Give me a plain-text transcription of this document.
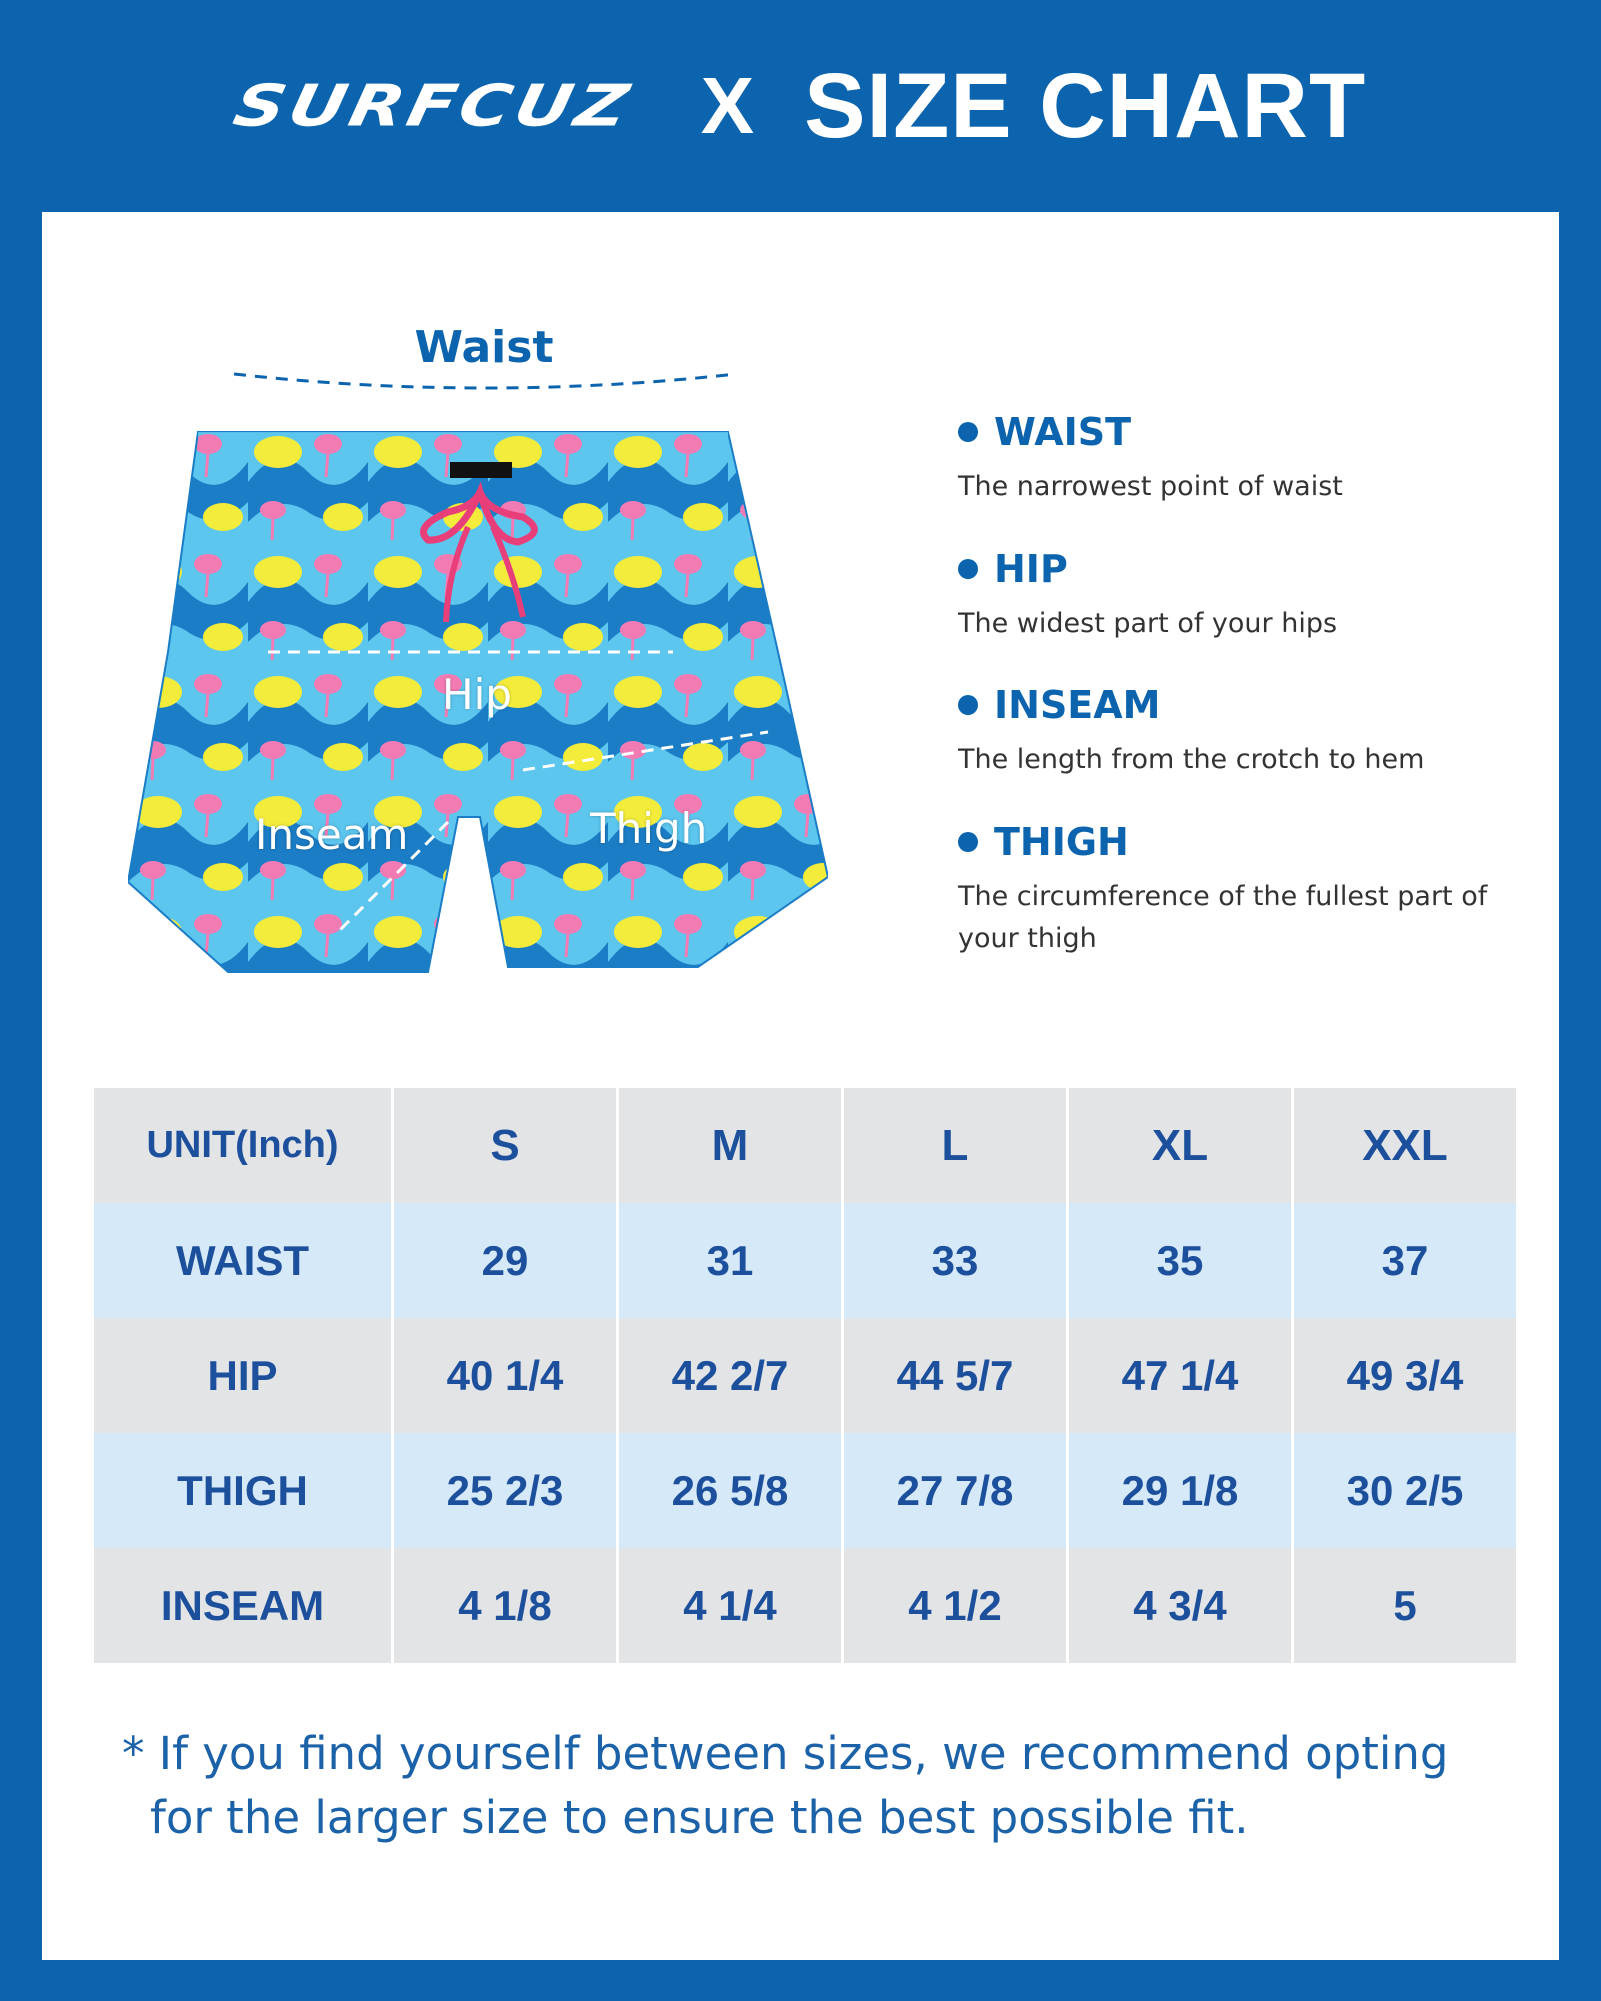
SURFCUZ X SIZE CHART
Waist
Hip
Inseam	Thigh
WAIST
The narrowest point of waist
HIP
The widest part of your hips
INSEAM
The length from the crotch to hem
THIGH
The circumference of the fullest part of your thigh
UNIT(Inch)	S	M	L	XL	XXL
WAIST	29	31	33	35	37
HIP	40 1/4	42 2/7	44 5/7	47 1/4	49 3/4
THIGH	25 2/3	26 5/8	27 7/8	29 1/8	30 2/5
INSEAM	4 1/8	4 1/4	4 1/2	4 3/4	5
* If you find yourself between sizes, we recommend opting
for the larger size to ensure the best possible fit.
